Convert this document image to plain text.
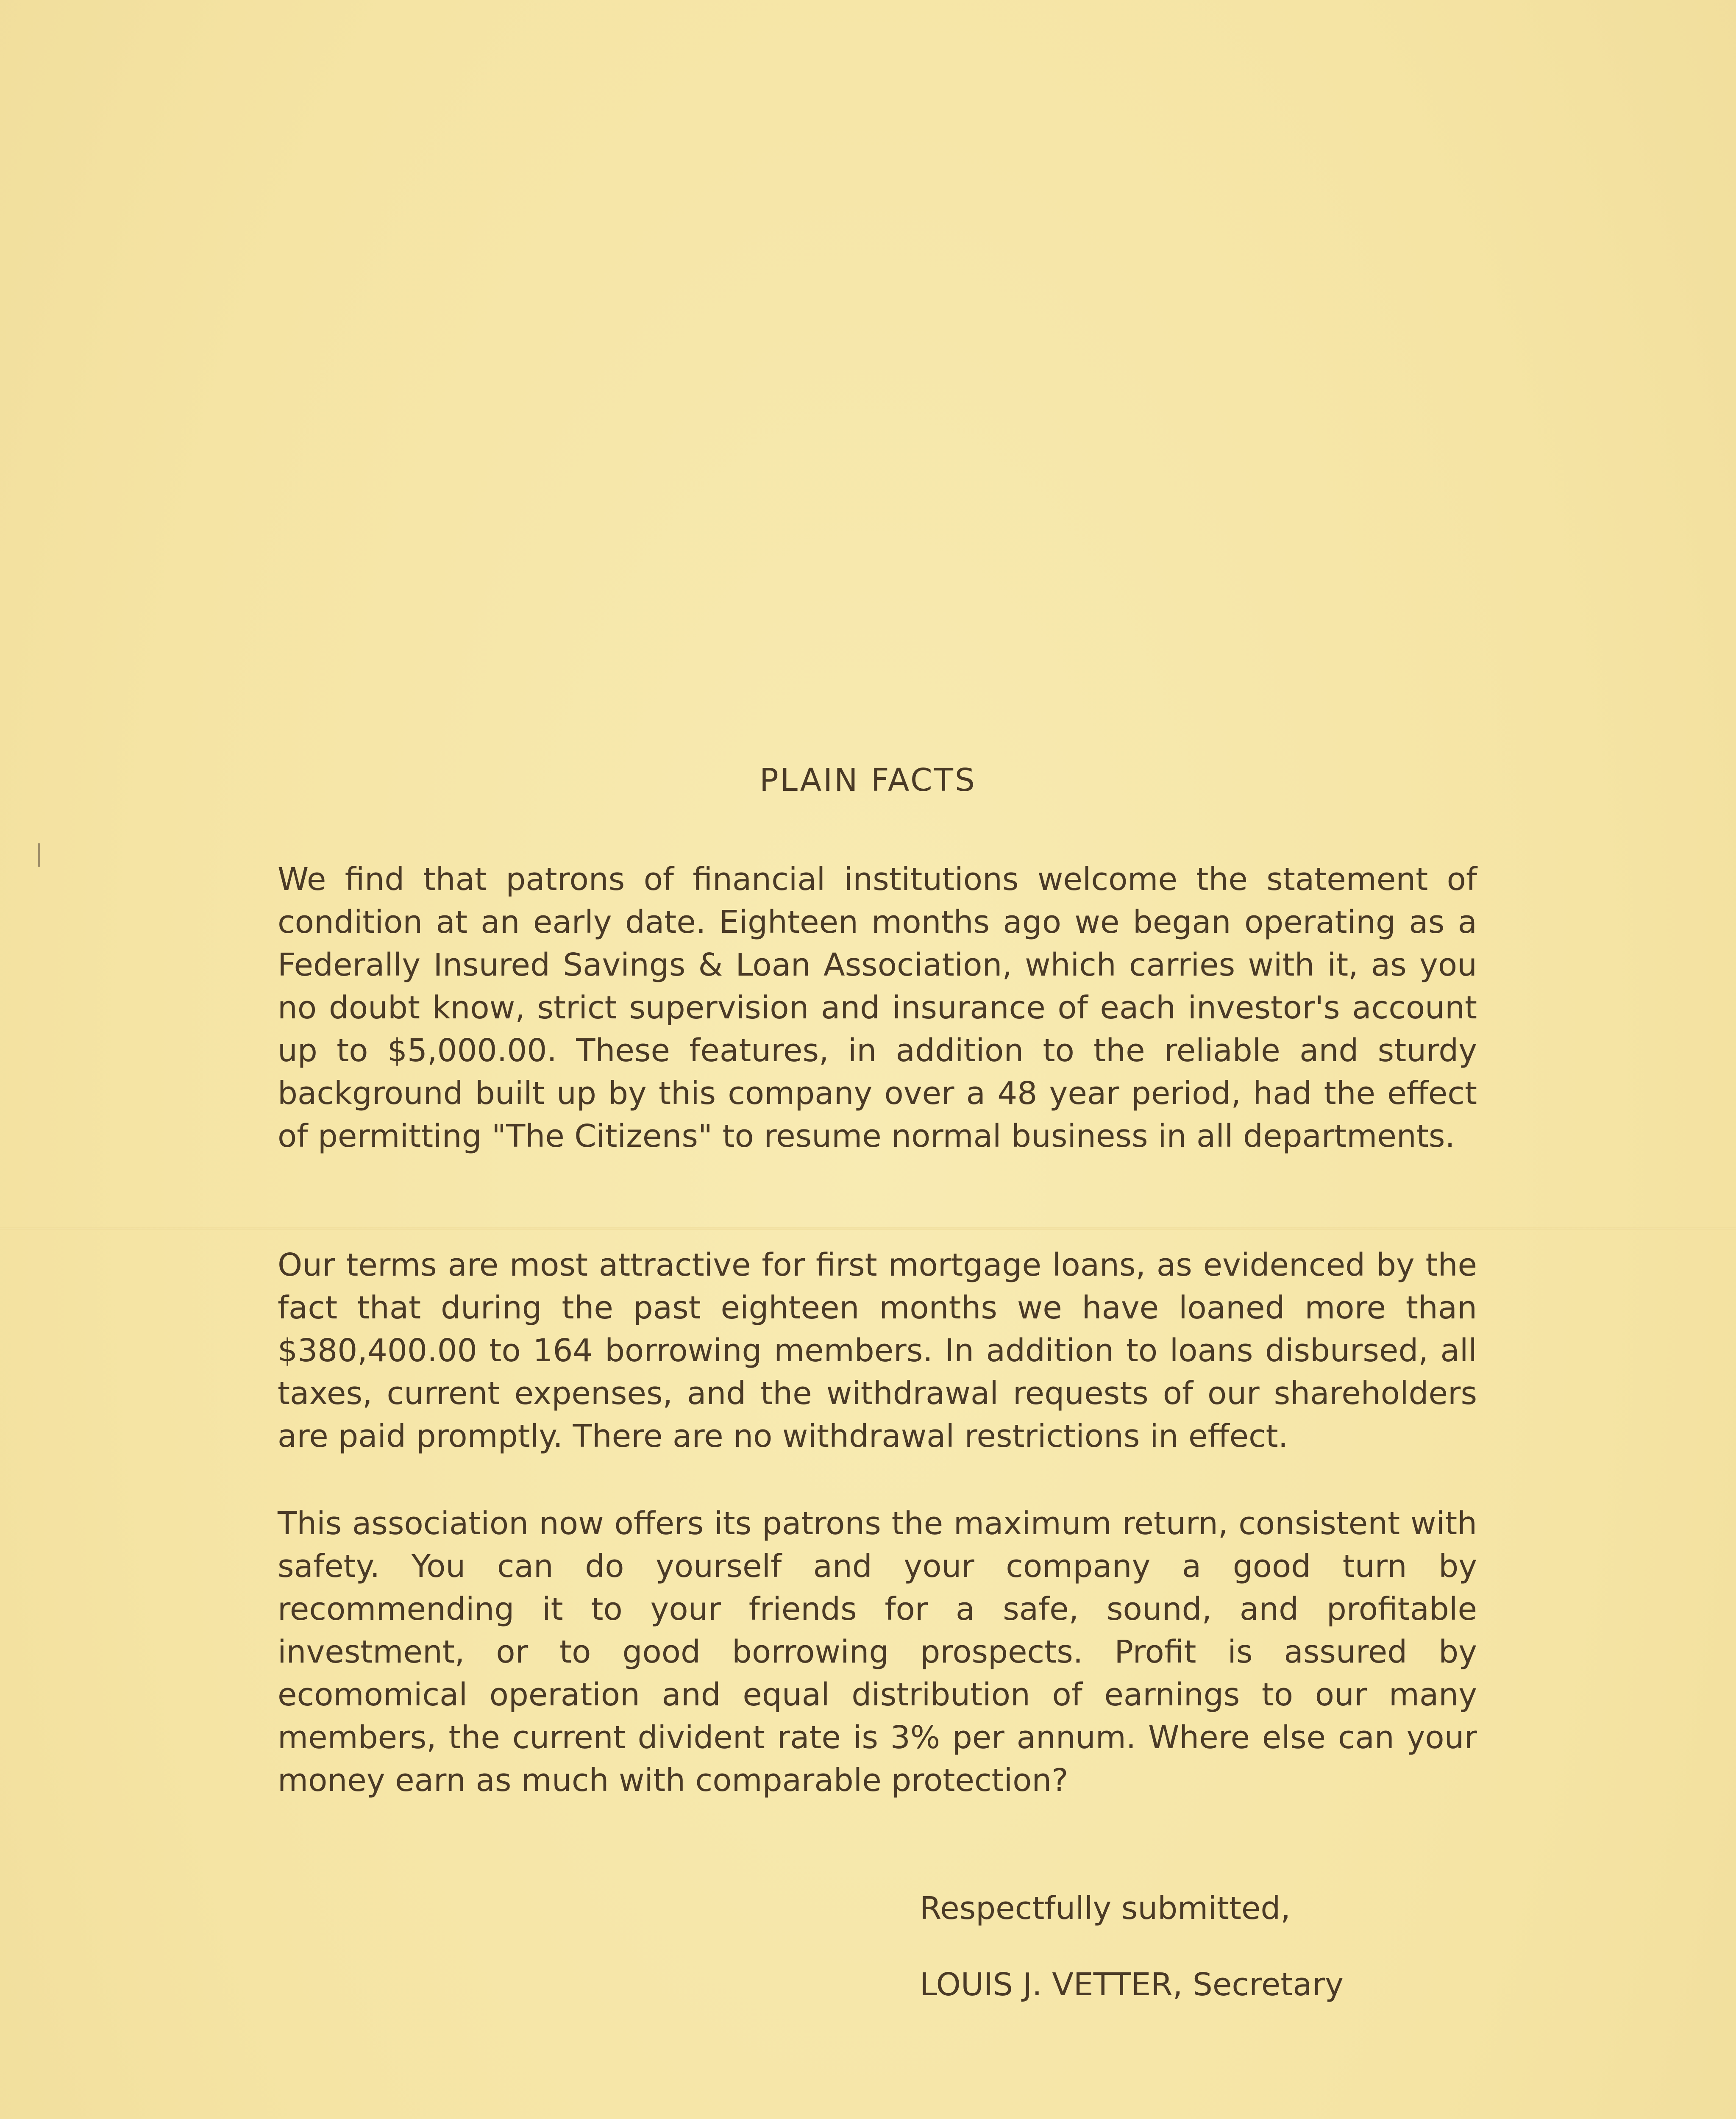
PLAIN FACTS

We find that patrons of financial institutions welcome the statement of condition at an early date. Eighteen months ago we began operating as a Federally Insured Savings & Loan Association, which carries with it, as you no doubt know, strict supervision and insurance of each investor's account up to $5,000.00. These features, in addition to the reliable and sturdy background built up by this company over a 48 year period, had the effect of permitting "The Citizens" to resume normal business in all departments.

Our terms are most attractive for first mortgage loans, as evidenced by the fact that during the past eighteen months we have loaned more than $380,400.00 to 164 borrowing members. In addition to loans disbursed, all taxes, current expenses, and the withdrawal requests of our shareholders are paid promptly. There are no withdrawal restrictions in effect.

This association now offers its patrons the maximum return, consistent with safety. You can do yourself and your company a good turn by recommending it to your friends for a safe, sound, and profitable investment, or to good borrowing prospects. Profit is assured by ecomomical operation and equal distribution of earnings to our many members, the current divident rate is 3% per annum. Where else can your money earn as much with comparable protection?

Respectfully submitted,
LOUIS J. VETTER, Secretary
